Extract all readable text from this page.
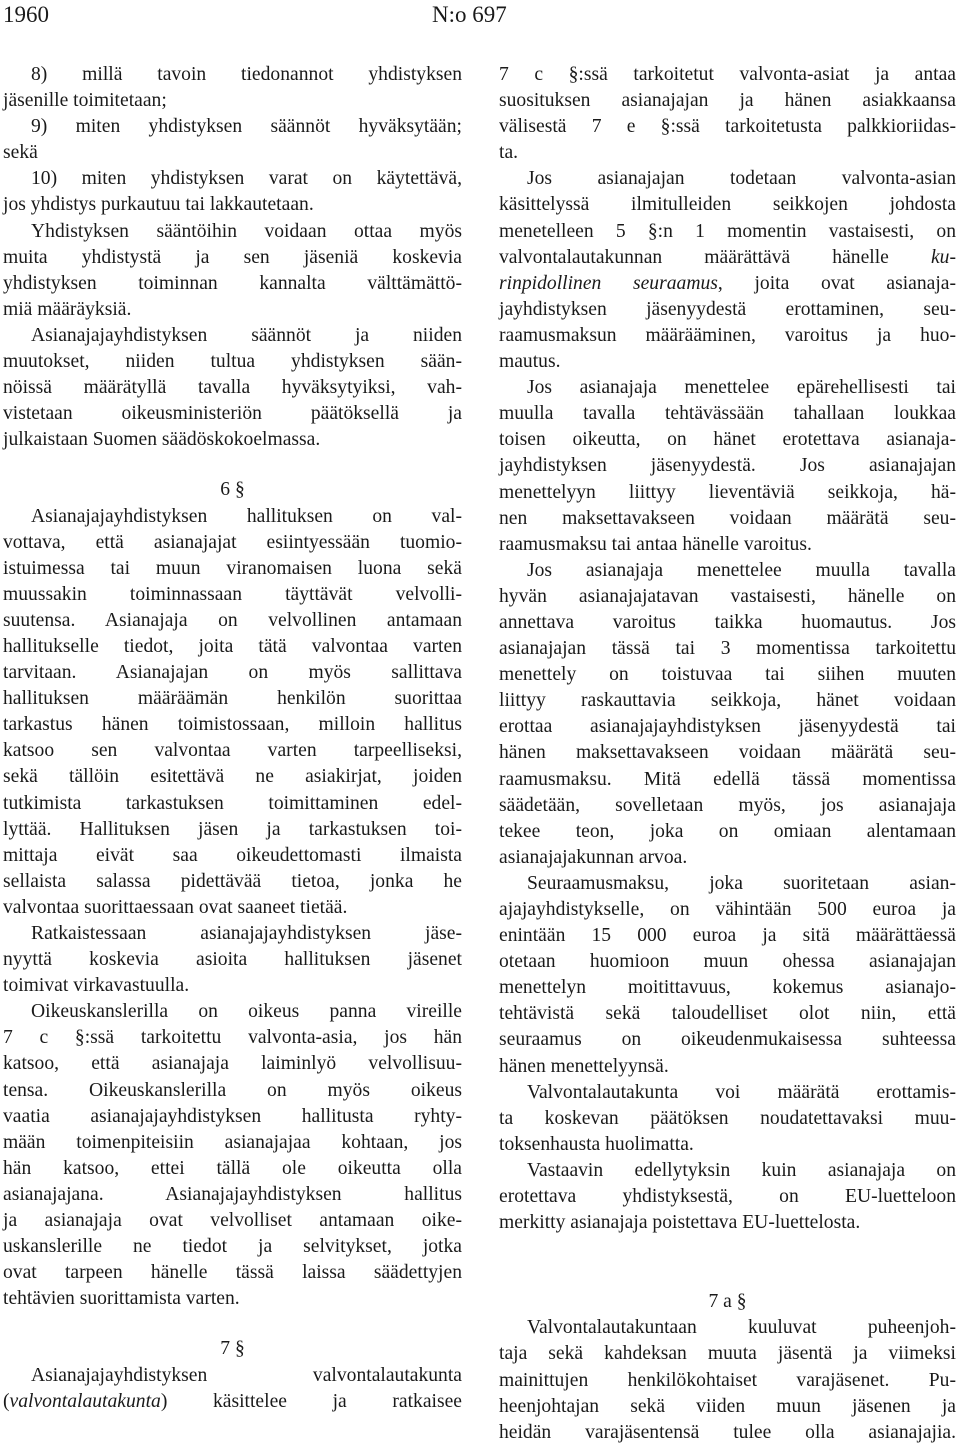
1960	N:o 697
8) millä tavoin tiedonannot yhdistyksen
jäsenille toimitetaan;
9) miten yhdistyksen säännöt hyväksytään;
sekä
10) miten yhdistyksen varat on käytettävä,
jos yhdistys purkautuu tai lakkautetaan.
Yhdistyksen sääntöihin voidaan ottaa myös
muita yhdistystä ja sen jäseniä koskevia
yhdistyksen toiminnan kannalta välttämättö-
miä määräyksiä.
Asianajajayhdistyksen säännöt ja niiden
muutokset, niiden tultua yhdistyksen sään-
nöissä määrätyllä tavalla hyväksytyiksi, vah-
vistetaan oikeusministeriön päätöksellä ja
julkaistaan Suomen säädöskokoelmassa.

6 §

Asianajajayhdistyksen hallituksen on val-
vottava, että asianajajat esiintyessään tuomio-
istuimessa tai muun viranomaisen luona sekä
muussakin toiminnassaan täyttävät velvolli-
suutensa. Asianajaja on velvollinen antamaan
hallitukselle tiedot, joita tätä valvontaa varten
tarvitaan. Asianajajan on myös sallittava
hallituksen määräämän henkilön suorittaa
tarkastus hänen toimistossaan, milloin hallitus
katsoo sen valvontaa varten tarpeelliseksi,
sekä tällöin esitettävä ne asiakirjat, joiden
tutkimista tarkastuksen toimittaminen edel-
lyttää. Hallituksen jäsen ja tarkastuksen toi-
mittaja eivät saa oikeudettomasti ilmaista
sellaista salassa pidettävää tietoa, jonka he
valvontaa suorittaessaan ovat saaneet tietää.
Ratkaistessaan asianajajayhdistyksen jäse-
nyyttä koskevia asioita hallituksen jäsenet
toimivat virkavastuulla.
Oikeuskanslerilla on oikeus panna vireille
7 c §:ssä tarkoitettu valvonta-asia, jos hän
katsoo, että asianajaja laiminlyö velvollisuu-
tensa. Oikeuskanslerilla on myös oikeus
vaatia asianajajayhdistyksen hallitusta ryhty-
mään toimenpiteisiin asianajajaa kohtaan, jos
hän katsoo, ettei tällä ole oikeutta olla
asianajajana. Asianajajayhdistyksen hallitus
ja asianajaja ovat velvolliset antamaan oike-
uskanslerille ne tiedot ja selvitykset, jotka
ovat tarpeen hänelle tässä laissa säädettyjen
tehtävien suorittamista varten.

7 §

Asianajajayhdistyksen valvontalautakunta
(valvontalautakunta) käsittelee ja ratkaisee
7 c §:ssä tarkoitetut valvonta-asiat ja antaa
suosituksen asianajajan ja hänen asiakkaansa
välisestä 7 e §:ssä tarkoitetusta palkkioriidas-
ta.
Jos asianajajan todetaan valvonta-asian
käsittelyssä ilmitulleiden seikkojen johdosta
menetelleen 5 §:n 1 momentin vastaisesti, on
valvontalautakunnan määrättävä hänelle ku-
rinpidollinen seuraamus, joita ovat asianaja-
jayhdistyksen jäsenyydestä erottaminen, seu-
raamusmaksun määrääminen, varoitus ja huo-
mautus.
Jos asianajaja menettelee epärehellisesti tai
muulla tavalla tehtävässään tahallaan loukkaa
toisen oikeutta, on hänet erotettava asianaja-
jayhdistyksen jäsenyydestä. Jos asianajajan
menettelyyn liittyy lieventäviä seikkoja, hä-
nen maksettavakseen voidaan määrätä seu-
raamusmaksu tai antaa hänelle varoitus.
Jos asianajaja menettelee muulla tavalla
hyvän asianajajatavan vastaisesti, hänelle on
annettava varoitus taikka huomautus. Jos
asianajajan tässä tai 3 momentissa tarkoitettu
menettely on toistuvaa tai siihen muuten
liittyy raskauttavia seikkoja, hänet voidaan
erottaa asianajajayhdistyksen jäsenyydestä tai
hänen maksettavakseen voidaan määrätä seu-
raamusmaksu. Mitä edellä tässä momentissa
säädetään, sovelletaan myös, jos asianajaja
tekee teon, joka on omiaan alentamaan
asianajajakunnan arvoa.
Seuraamusmaksu, joka suoritetaan asian-
ajajayhdistykselle, on vähintään 500 euroa ja
enintään 15 000 euroa ja sitä määrättäessä
otetaan huomioon muun ohessa asianajajan
menettelyn moitittavuus, kokemus asianajo-
tehtävistä sekä taloudelliset olot niin, että
seuraamus on oikeudenmukaisessa suhteessa
hänen menettelyynsä.
Valvontalautakunta voi määrätä erottamis-
ta koskevan päätöksen noudatettavaksi muu-
toksenhausta huolimatta.
Vastaavin edellytyksin kuin asianajaja on
erotettava yhdistyksestä, on EU-luetteloon
merkitty asianajaja poistettava EU-luettelosta.

7 a §

Valvontalautakuntaan kuuluvat puheenjoh-
taja sekä kahdeksan muuta jäsentä ja viimeksi
mainittujen henkilökohtaiset varajäsenet. Pu-
heenjohtajan sekä viiden muun jäsenen ja
heidän varajäsentensä tulee olla asianajajia.
